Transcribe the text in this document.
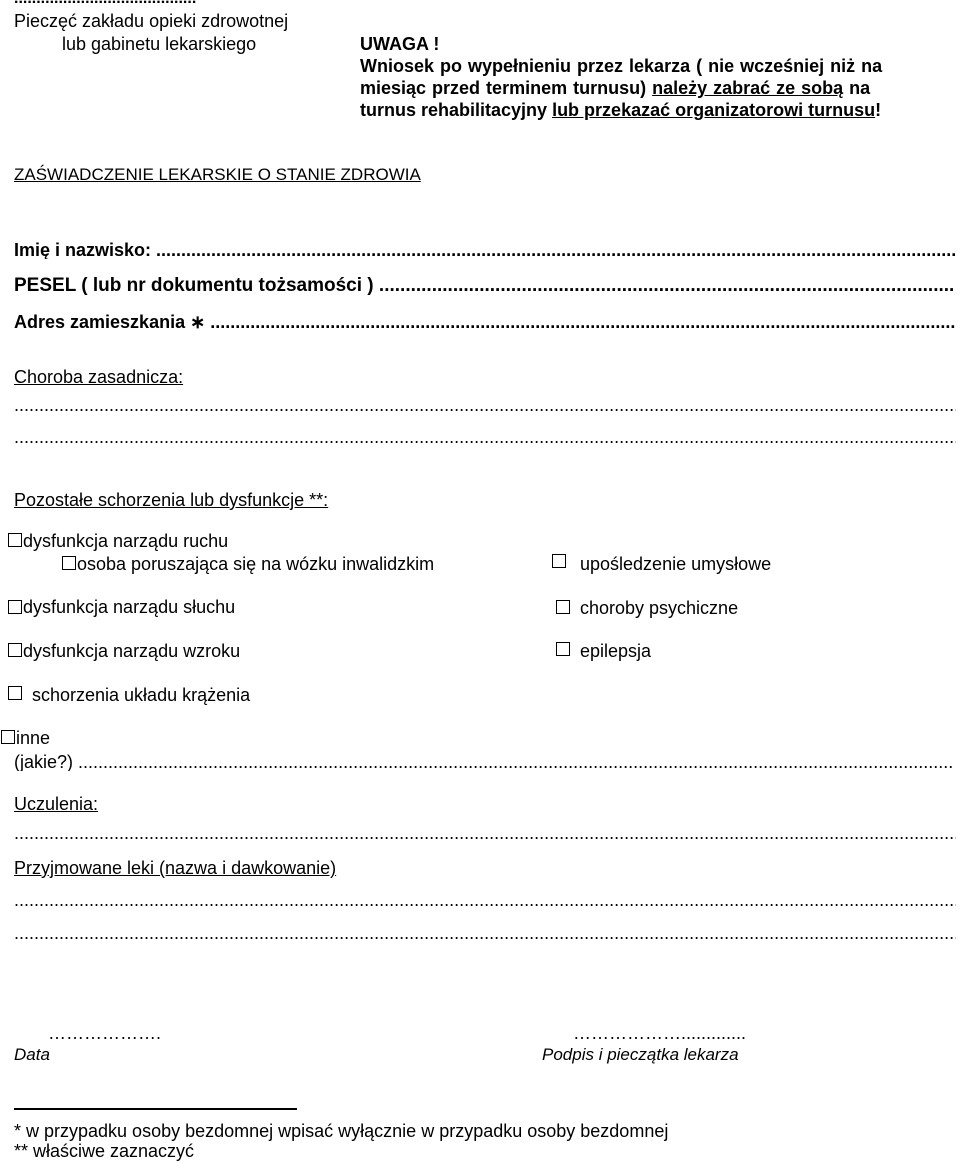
Pieczęć zakładu opieki zdrowotnej
lub gabinetu lekarskiego	UWAGA !
Wniosek po wypełnieniu przez lekarza ( nie wcześniej niż na
miesiąc przed terminem turnusu) należy zabrać ze sobą na
turnus rehabilitacyjny lub przekazać organizatorowi turnusu!
ZAŚWIADCZENIE LEKARSKIE O STANIE ZDROWIA
Imię i nazwisko: .....
PESEL ( lub nr dokumentu tożsamości ) .....
Adres zamieszkania ∗ .....
Choroba zasadnicza:
.....
.....
Pozostałe schorzenia lub dysfunkcje **:
dysfunkcja narządu ruchu
osoba poruszająca się na wózku inwalidzkim	upośledzenie umysłowe
dysfunkcja narządu słuchu	choroby psychiczne
dysfunkcja narządu wzroku	epilepsja
schorzenia układu krążenia
inne
(jakie?) .....
Uczulenia:
.....
Przyjmowane leki (nazwa i dawkowanie)
.....
.....
……………….
Data
……………….............
Podpis i pieczątka lekarza
* w przypadku osoby bezdomnej wpisać wyłącznie w przypadku osoby bezdomnej
** właściwe zaznaczyć
